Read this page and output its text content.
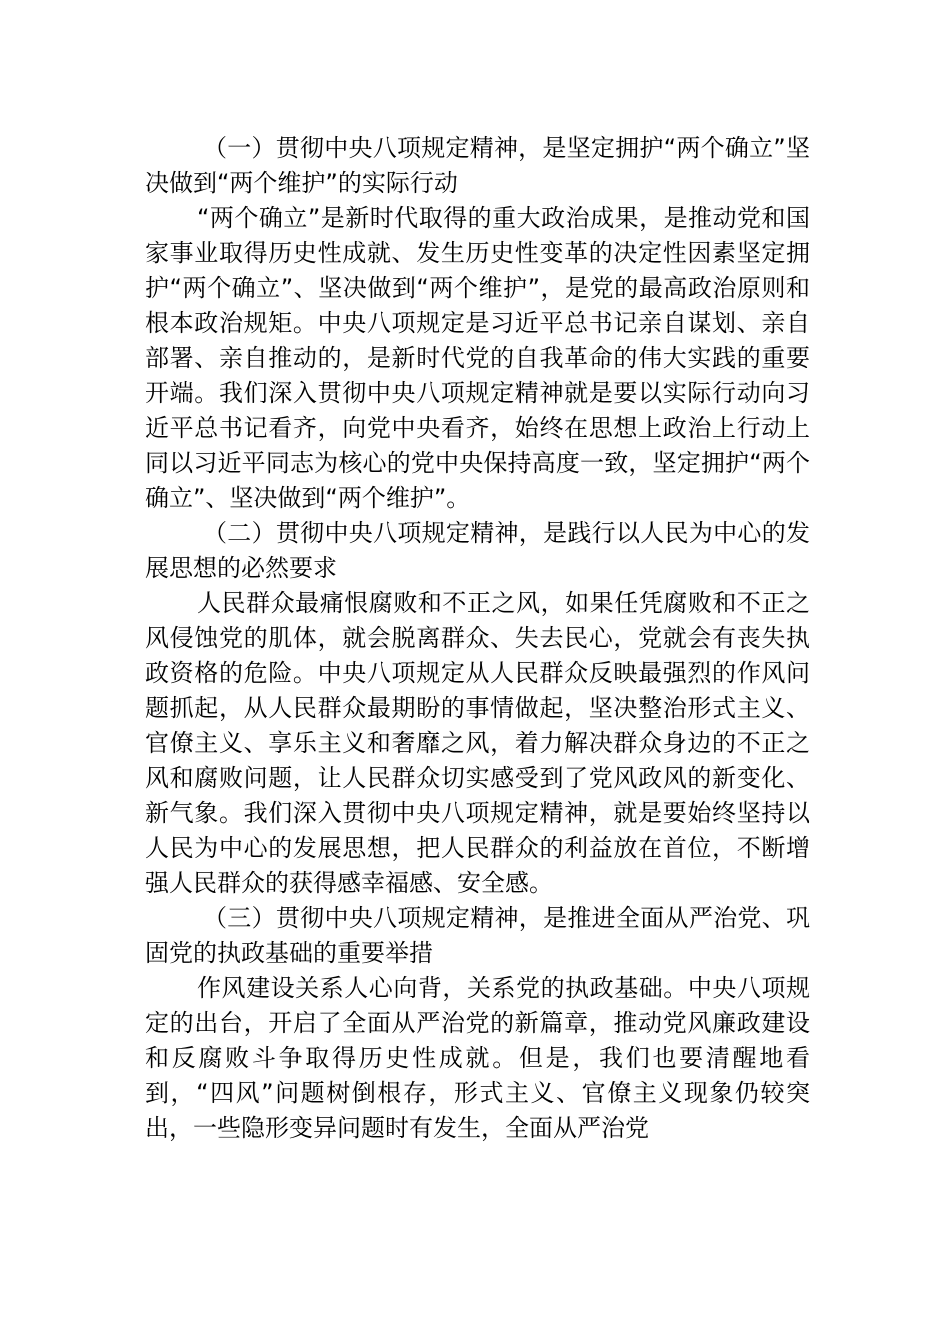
（一）贯彻中央八项规定精神，是坚定拥护“两个确立”坚决做到“两个维护”的实际行动

“两个确立”是新时代取得的重大政治成果，是推动党和国家事业取得历史性成就、发生历史性变革的决定性因素坚定拥护“两个确立”、坚决做到“两个维护”，是党的最高政治原则和根本政治规矩。中央八项规定是习近平总书记亲自谋划、亲自部署、亲自推动的，是新时代党的自我革命的伟大实践的重要开端。我们深入贯彻中央八项规定精神就是要以实际行动向习近平总书记看齐，向党中央看齐，始终在思想上政治上行动上同以习近平同志为核心的党中央保持高度一致，坚定拥护“两个确立”、坚决做到“两个维护”。

（二）贯彻中央八项规定精神，是践行以人民为中心的发展思想的必然要求

人民群众最痛恨腐败和不正之风，如果任凭腐败和不正之风侵蚀党的肌体，就会脱离群众、失去民心，党就会有丧失执政资格的危险。中央八项规定从人民群众反映最强烈的作风问题抓起，从人民群众最期盼的事情做起，坚决整治形式主义、官僚主义、享乐主义和奢靡之风，着力解决群众身边的不正之风和腐败问题，让人民群众切实感受到了党风政风的新变化、新气象。我们深入贯彻中央八项规定精神，就是要始终坚持以人民为中心的发展思想，把人民群众的利益放在首位，不断增强人民群众的获得感幸福感、安全感。

（三）贯彻中央八项规定精神，是推进全面从严治党、巩固党的执政基础的重要举措

作风建设关系人心向背，关系党的执政基础。中央八项规定的出台，开启了全面从严治党的新篇章，推动党风廉政建设和反腐败斗争取得历史性成就。但是，我们也要清醒地看到，“四风”问题树倒根存，形式主义、官僚主义现象仍较突出，一些隐形变异问题时有发生，全面从严治党
